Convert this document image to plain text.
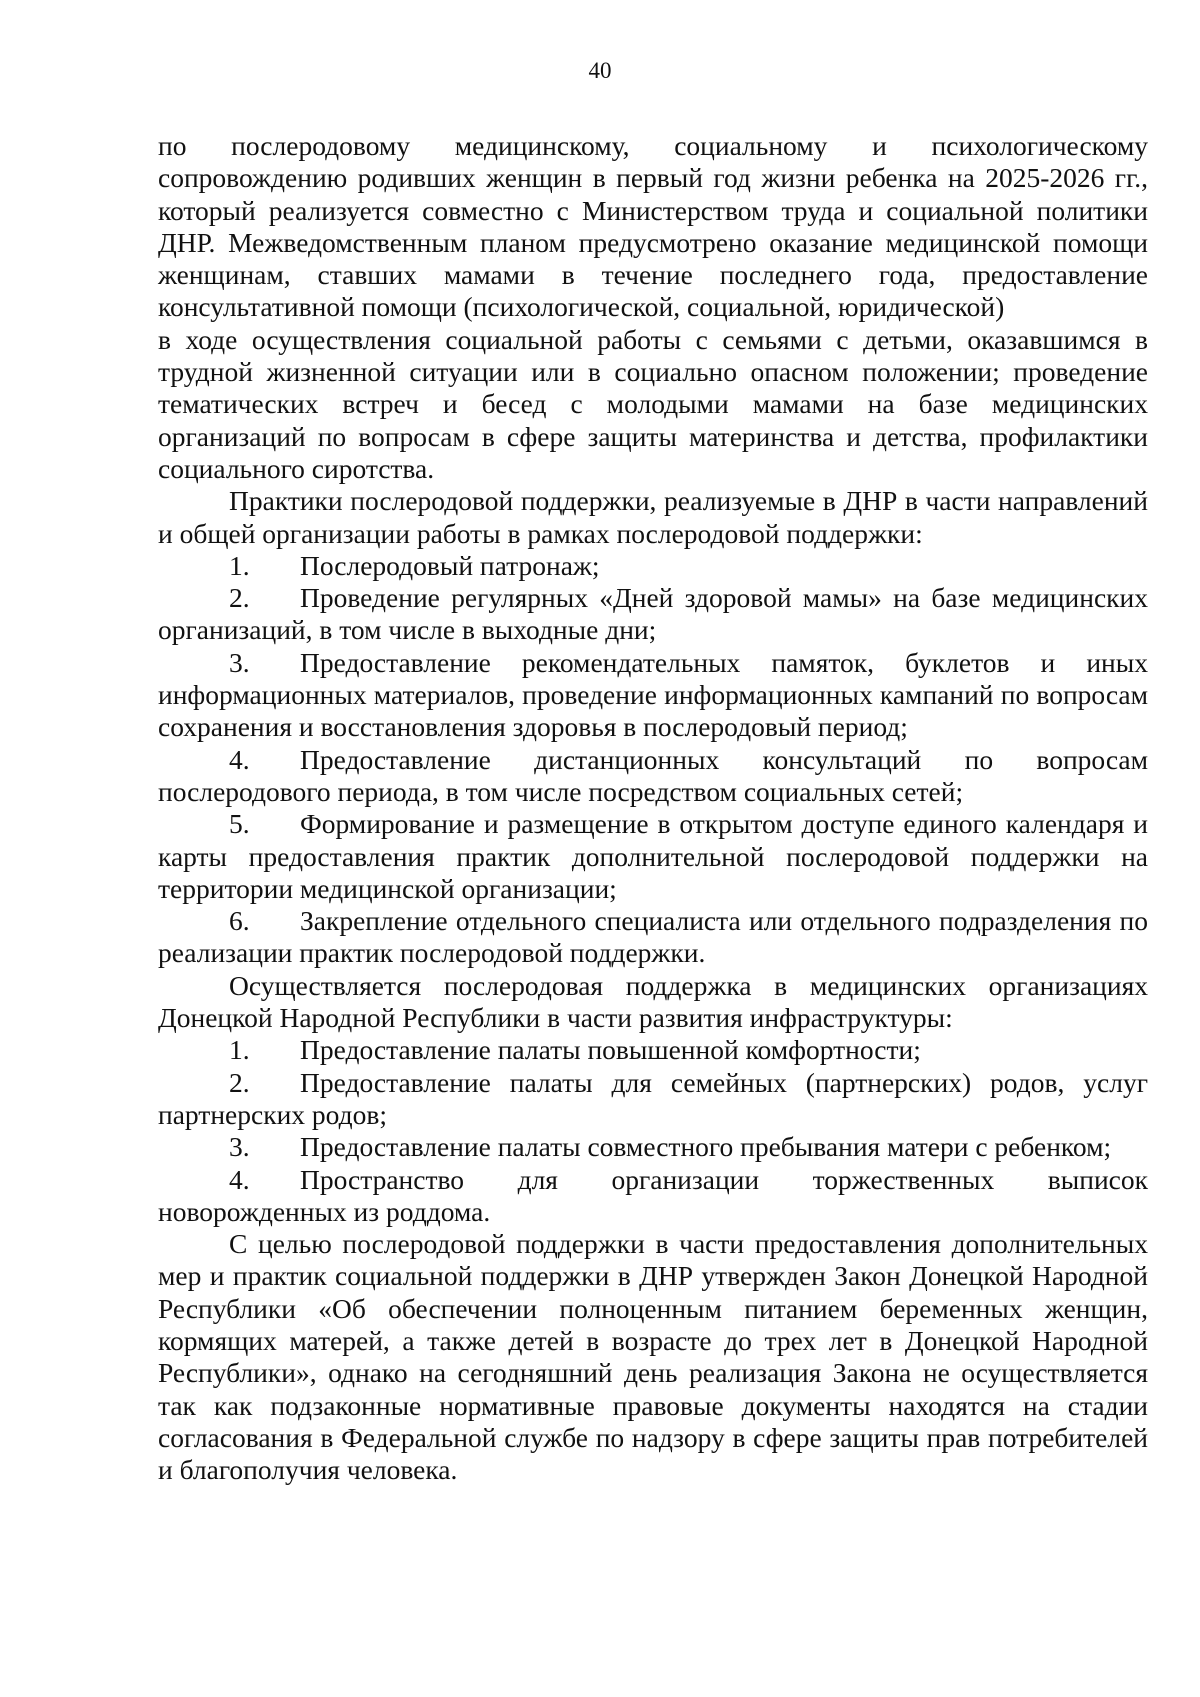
40

по послеродовому медицинскому, социальному и психологическому сопровождению родивших женщин в первый год жизни ребенка на 2025-2026 гг., который реализуется совместно с Министерством труда и социальной политики ДНР. Межведомственным планом предусмотрено оказание медицинской помощи женщинам, ставших мамами в течение последнего года, предоставление консультативной помощи (психологической, социальной, юридической)

в ходе осуществления социальной работы с семьями с детьми, оказавшимся в трудной жизненной ситуации или в социально опасном положении; проведение тематических встреч и бесед с молодыми мамами на базе медицинских организаций по вопросам в сфере защиты материнства и детства, профилактики социального сиротства.

Практики послеродовой поддержки, реализуемые в ДНР в части направлений и общей организации работы в рамках послеродовой поддержки:

1. Послеродовый патронаж;

2. Проведение регулярных «Дней здоровой мамы» на базе медицинских организаций, в том числе в выходные дни;

3. Предоставление рекомендательных памяток, буклетов и иных информационных материалов, проведение информационных кампаний по вопросам сохранения и восстановления здоровья в послеродовый период;

4. Предоставление дистанционных консультаций по вопросам послеродового периода, в том числе посредством социальных сетей;

5. Формирование и размещение в открытом доступе единого календаря и карты предоставления практик дополнительной послеродовой поддержки на территории медицинской организации;

6. Закрепление отдельного специалиста или отдельного подразделения по реализации практик послеродовой поддержки.

Осуществляется послеродовая поддержка в медицинских организациях Донецкой Народной Республики в части развития инфраструктуры:

1. Предоставление палаты повышенной комфортности;

2. Предоставление палаты для семейных (партнерских) родов, услуг партнерских родов;

3. Предоставление палаты совместного пребывания матери с ребенком;

4. Пространство для организации торжественных выписок новорожденных из роддома.

С целью послеродовой поддержки в части предоставления дополнительных мер и практик социальной поддержки в ДНР утвержден Закон Донецкой Народной Республики «Об обеспечении полноценным питанием беременных женщин, кормящих матерей, а также детей в возрасте до трех лет в Донецкой Народной Республики», однако на сегодняшний день реализация Закона не осуществляется так как подзаконные нормативные правовые документы находятся на стадии согласования в Федеральной службе по надзору в сфере защиты прав потребителей и благополучия человека.
